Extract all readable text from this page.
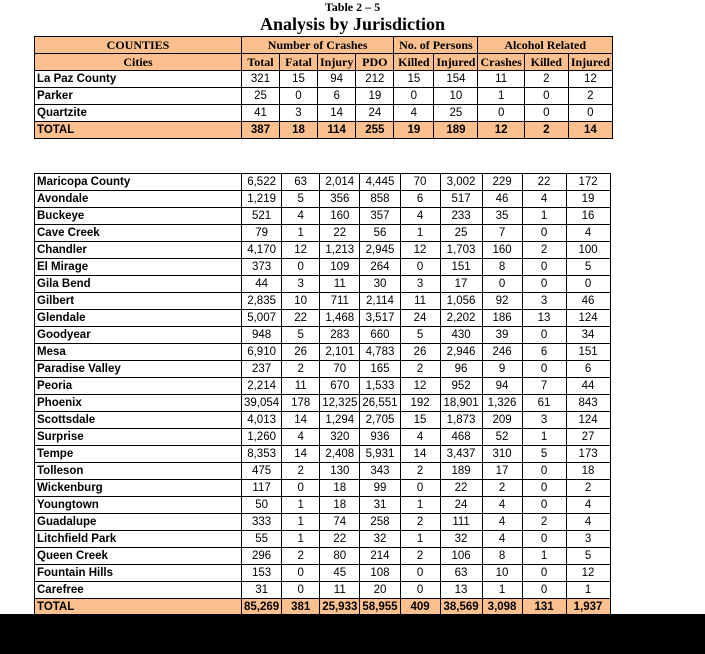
Table 2 – 5
Analysis by Jurisdiction
COUNTIES	Number of Crashes				No. of Persons		Alcohol Related		
Cities	Total	Fatal	Injury	PDO	Killed	Injured	Crashes	Killed	Injured
La Paz County	321	15	94	212	15	154	11	2	12
Parker	25	0	6	19	0	10	1	0	2
Quartzite	41	3	14	24	4	25	0	0	0
TOTAL	387	18	114	255	19	189	12	2	14
Maricopa County	6,522	63	2,014	4,445	70	3,002	229	22	172
Avondale	1,219	5	356	858	6	517	46	4	19
Buckeye	521	4	160	357	4	233	35	1	16
Cave Creek	79	1	22	56	1	25	7	0	4
Chandler	4,170	12	1,213	2,945	12	1,703	160	2	100
El Mirage	373	0	109	264	0	151	8	0	5
Gila Bend	44	3	11	30	3	17	0	0	0
Gilbert	2,835	10	711	2,114	11	1,056	92	3	46
Glendale	5,007	22	1,468	3,517	24	2,202	186	13	124
Goodyear	948	5	283	660	5	430	39	0	34
Mesa	6,910	26	2,101	4,783	26	2,946	246	6	151
Paradise Valley	237	2	70	165	2	96	9	0	6
Peoria	2,214	11	670	1,533	12	952	94	7	44
Phoenix	39,054	178	12,325	26,551	192	18,901	1,326	61	843
Scottsdale	4,013	14	1,294	2,705	15	1,873	209	3	124
Surprise	1,260	4	320	936	4	468	52	1	27
Tempe	8,353	14	2,408	5,931	14	3,437	310	5	173
Tolleson	475	2	130	343	2	189	17	0	18
Wickenburg	117	0	18	99	0	22	2	0	2
Youngtown	50	1	18	31	1	24	4	0	4
Guadalupe	333	1	74	258	2	111	4	2	4
Litchfield Park	55	1	22	32	1	32	4	0	3
Queen Creek	296	2	80	214	2	106	8	1	5
Fountain Hills	153	0	45	108	0	63	10	0	12
Carefree	31	0	11	20	0	13	1	0	1
TOTAL	85,269	381	25,933	58,955	409	38,569	3,098	131	1,937
